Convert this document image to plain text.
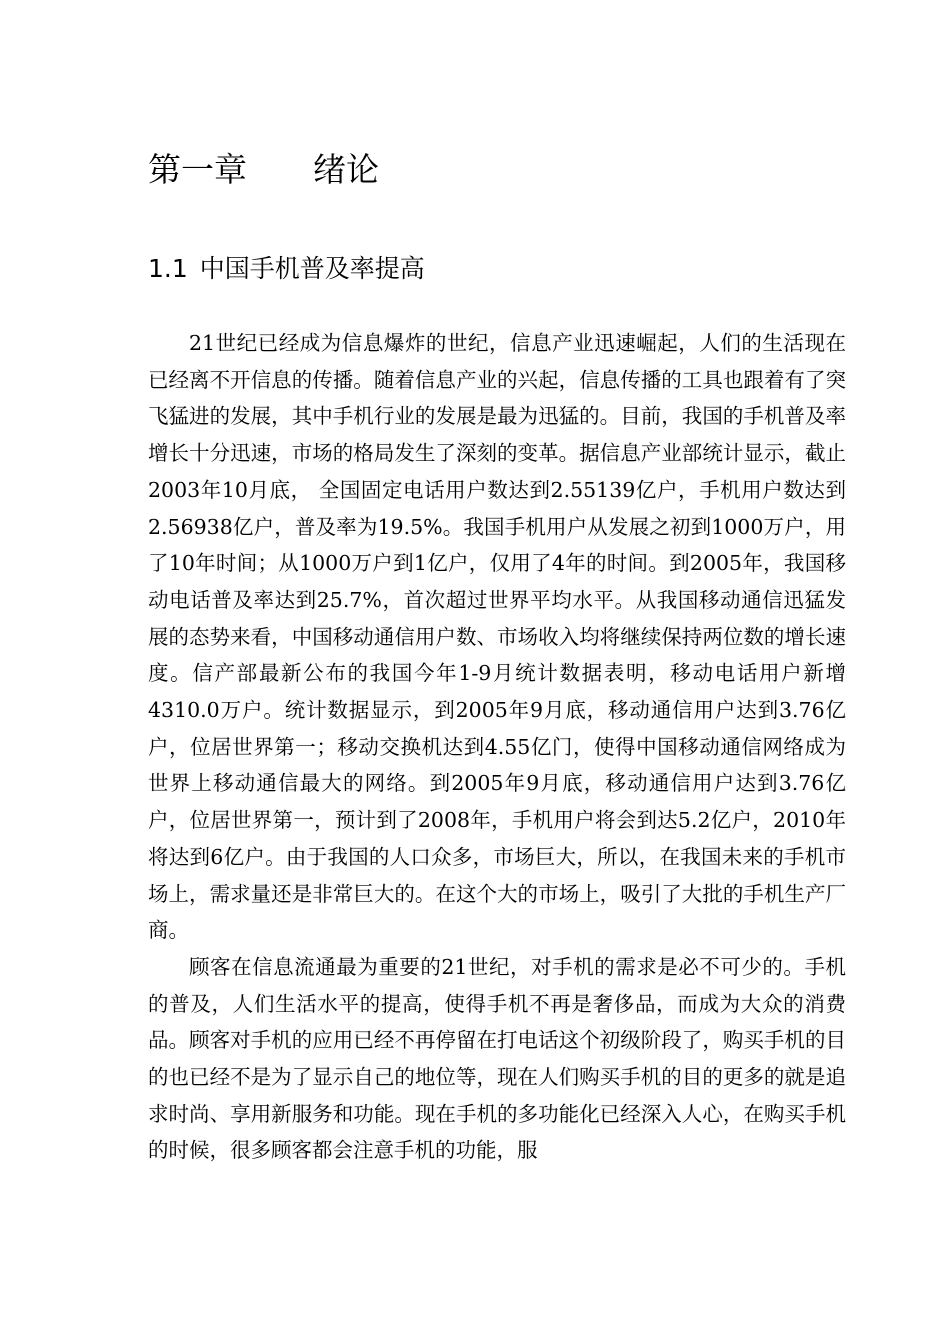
第一章 绪论
1.1 中国手机普及率提高

21世纪已经成为信息爆炸的世纪，信息产业迅速崛起，人们的生活现在已经离不开信息的传播。随着信息产业的兴起，信息传播的工具也跟着有了突飞猛进的发展，其中手机行业的发展是最为迅猛的。目前，我国的手机普及率增长十分迅速，市场的格局发生了深刻的变革。据信息产业部统计显示，截止2003年10月底， 全国固定电话用户数达到2.55139亿户，手机用户数达到2.56938亿户，普及率为19.5%。我国手机用户从发展之初到1000万户，用了10年时间；从1000万户到1亿户，仅用了4年的时间。到2005年，我国移动电话普及率达到25.7%，首次超过世界平均水平。从我国移动通信迅猛发展的态势来看，中国移动通信用户数、市场收入均将继续保持两位数的增长速度。信产部最新公布的我国今年1-9月统计数据表明，移动电话用户新增4310.0万户。统计数据显示，到2005年9月底，移动通信用户达到3.76亿户，位居世界第一；移动交换机达到4.55亿门，使得中国移动通信网络成为世界上移动通信最大的网络。到2005年9月底，移动通信用户达到3.76亿户，位居世界第一，预计到了2008年，手机用户将会到达5.2亿户，2010年将达到6亿户。由于我国的人口众多，市场巨大，所以，在我国未来的手机市场上，需求量还是非常巨大的。在这个大的市场上，吸引了大批的手机生产厂商。

顾客在信息流通最为重要的21世纪，对手机的需求是必不可少的。手机的普及，人们生活水平的提高，使得手机不再是奢侈品，而成为大众的消费品。顾客对手机的应用已经不再停留在打电话这个初级阶段了，购买手机的目的也已经不是为了显示自己的地位等，现在人们购买手机的目的更多的就是追求时尚、享用新服务和功能。现在手机的多功能化已经深入人心，在购买手机的时候，很多顾客都会注意手机的功能，服
